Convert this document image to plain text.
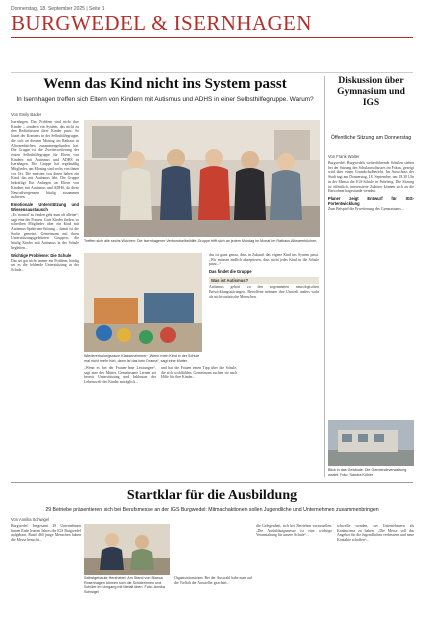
Donnerstag, 18. September 2025 | Seite 1
BURGWEDEL & ISERNHAGEN
Wenn das Kind nicht ins System passt
In Isernhagen treffen sich Eltern von Kindern mit Autismus und ADHS in einer Selbsthilfegruppe. Warum?
Von Emily Bader

Isernhagen. Das Problem sind nicht ihre Kinder – sondern ein System, das nicht zu den Bedürfnissen ihrer Kinder passt. So lautet der Konsens in der Selbsthilfegruppe, die sich an diesem Montag im Rathaus in Altwarmbüchen zusammengefunden hat. Die Gruppe ist die Zweiterweiterung der ersten Selbsthilfegruppe für Eltern von Kindern mit Autismus und ADHS in Isernhagen. Die Gruppe hat regelmäßig Mitglieder, am Montag sind sechs von ihnen vor Ort. Die meisten von ihnen haben ein Kind, das mit Autismus lebt. Die Gruppe bekräftigt Ein Anliegen an Eltern von Kindern mit Autismus und ADHS, da diese Neurodivergenzen häufig zusammen auftreten.

Emotionale Unterstützung und Wissensaustausch

„Es 'normal' zu finden geht man oft alleine“, sagt eine der Frauen. Gute Kinder finden, so schreiben Mitglieder über ein Kind mit Autismus-Spektrum-Störung – damit ist die Sache gemeint. Gemeinsam mit ihren Unterstützungsgeleiteten Gruppen, die häufig Kinder mit Autismus in der Schule begleiten...

Wichtige Probleme: Die Schule

Das sei gar nicht immer ein Problem; häufig sei es die fehlende Unterstützung in der Schule...

Treffen sich alle sechs Wochen: Die Isernhagener Verbundselbsthilfe-Gruppe trifft sich an jedem Montag im Monat im Rathaus Altwarmbüchen.
Wiedererholungsraum Klassenzimmer: „Wenn mein Kind in der Schule mal nicht mehr hört, dann ist das kein Drama“, sagt eine Mutter.
„Wenn es bei der Frauen-Inne Leistungen“, sagt eine der Mütter. Gemeinsame Lernen sei bereits Unterstützung und Inklusion der Lebenswelt der Kinder zuträglich...
und hat die Frauen einen Tipp über die Schule, die sich wohlfühlen. Gemeinsam suchen sie nach Hilfe für ihre Kinder...

das ist ganz genau, dass in Zukunft das eigene Kind ins System passt. „Wir müssen endlich akzeptieren, dass nicht jedes Kind in die Schule passt...“

Das findet die Gruppe
Was ist Autismus?

Autismus gehört zu den sogenannten neurologischen Entwicklungsstörungen. Betroffene nehmen ihre Umwelt anders wahr als nicht-autistische Menschen.

Diskussion über Gymnasium und IGS
Öffentliche Sitzung am Donnerstag
Von Frank Walter

Burgwedel. Burgwedels weiterführende Schulen stehen bei der Sitzung des Schulausschusses im Fokus, gezeigt wird über einen Grundschulbericht. Im Ausschuss der Stadt tagt am Donnerstag, 18. September, um 18.30 Uhr in der Mensa der IGS-Schule in Fuhrberg. Die Sitzung ist öffentlich, interessierte Zuhörer können sich an die Einwohnerfragestunde wenden.

Planer zeigt Entwurf für IGS-Fortentwicklung

Zum Beispiel die Erweiterung des Gymnasiums...

Blick in das Gebäude: Die Gemeindeverwaltung wartet. Foto: Sandra Köhler
Startklar für die Ausbildung
29 Betriebe präsentieren sich bei Berufsmesse an der IGS Burgwedel: Mitmachaktionen sollen Jugendliche und Unternehmen zusammenbringen
Von Annika Schwigel
Burgwedel. Insgesamt 29 Unternehmen hatten Ende letzten Jahres die IGS Burgwedel aufgebaut. Rund 460 junge Menschen haben die Messe besucht...
Selbstgebaute Herzhebel: Am Stand von Bianca Rosenhagen können sich die Schülerinnen und Schüler im Umgang mit Metall üben. Foto: Annika Schwigel
Organisationsteam. Bei der Auswahl habe man auf die Vielfalt der Aussteller geachtet...
die Gelegenheit, sich bei Betrieben vorzustellen. „Die Ausbildungsmesse ist eine wichtige Veranstaltung für unsere Schule“...
schwelle wenden, sei Unternehmern als Konkurrenz zu haben. „Die Messe soll das Angebot für die Jugendlichen verbessern und neue Kontakte schaffen“...
